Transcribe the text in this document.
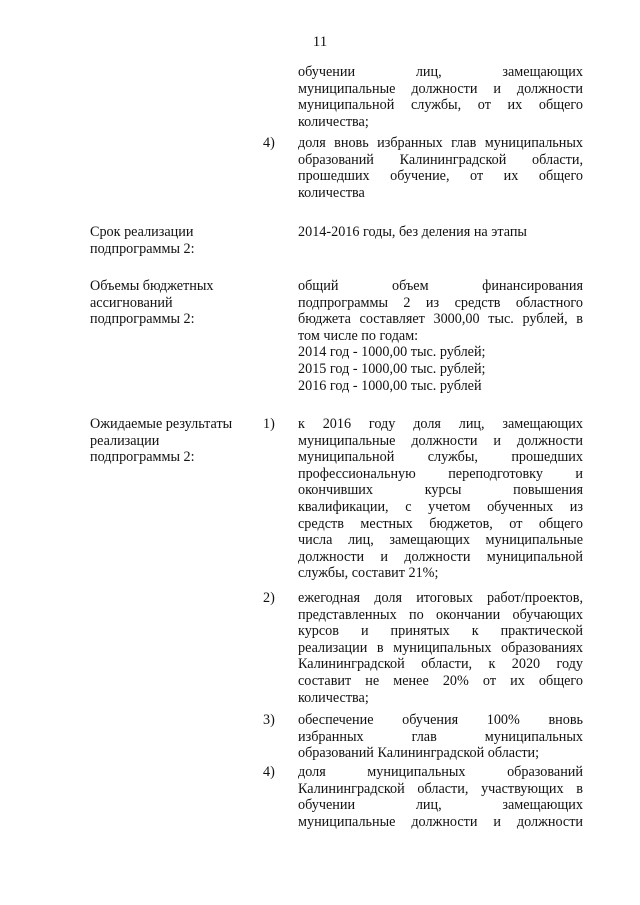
11
обучении лиц, замещающих
муниципальные должности и должности
муниципальной службы, от их общего
количества;
4)	доля вновь избранных глав муниципальных
образований Калининградской области,
прошедших обучение, от их общего
количества
Срок реализации
подпрограммы 2:
2014-2016 годы, без деления на этапы
Объемы бюджетных
ассигнований
подпрограммы 2:
общий объем финансирования
подпрограммы 2 из средств областного
бюджета составляет 3000,00 тыс. рублей, в
том числе по годам:
2014 год - 1000,00 тыс. рублей;
2015 год - 1000,00 тыс. рублей;
2016 год - 1000,00 тыс. рублей
Ожидаемые результаты
реализации
подпрограммы 2:
1)	к 2016 году доля лиц, замещающих
муниципальные должности и должности
муниципальной службы, прошедших
профессиональную переподготовку и
окончивших курсы повышения
квалификации, с учетом обученных из
средств местных бюджетов, от общего
числа лиц, замещающих муниципальные
должности и должности муниципальной
службы, составит 21%;
2)	ежегодная доля итоговых работ/проектов,
представленных по окончании обучающих
курсов и принятых к практической
реализации в муниципальных образованиях
Калининградской области, к 2020 году
составит не менее 20% от их общего
количества;
3)	обеспечение обучения 100% вновь
избранных глав муниципальных
образований Калининградской области;
4)	доля муниципальных образований
Калининградской области, участвующих в
обучении лиц, замещающих
муниципальные должности и должности
